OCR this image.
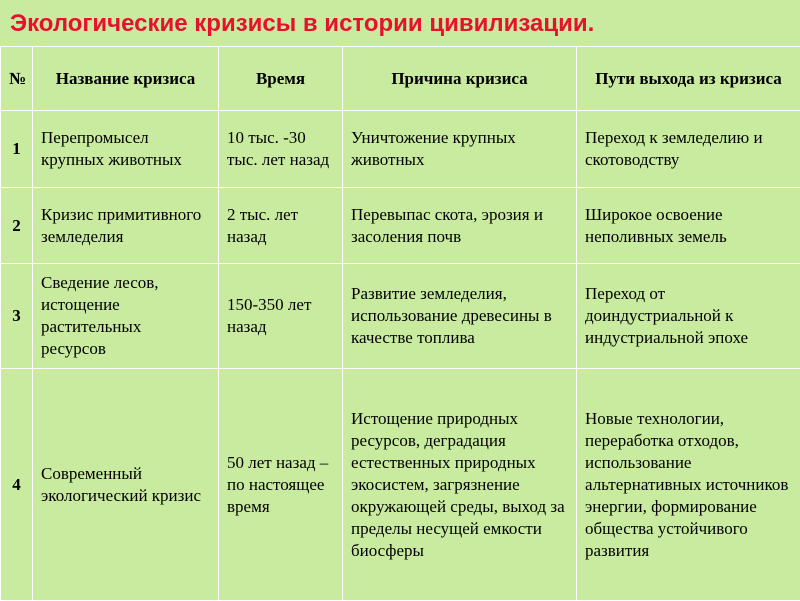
Экологические кризисы в истории цивилизации.
№	Название кризиса	Время	Причина кризиса	Пути выхода из кризиса
1	Перепромысел крупных животных	10 тыс. -30 тыс. лет назад	Уничтожение крупных животных	Переход к земледелию и скотоводству
2	Кризис примитивного земледелия	2 тыс. лет назад	Перевыпас скота, эрозия и засоления почв	Широкое освоение неполивных земель
3	Сведение лесов, истощение растительных ресурсов	150-350 лет назад	Развитие земледелия, использование древесины в качестве топлива	Переход от доиндустриальной к индустриальной эпохе
4	Современный экологический кризис	50 лет назад – по настоящее время	Истощение природных ресурсов, деградация естественных природных экосистем, загрязнение окружающей среды, выход за пределы несущей емкости биосферы	Новые технологии, переработка отходов, использование альтернативных источников энергии, формирование общества устойчивого развития
